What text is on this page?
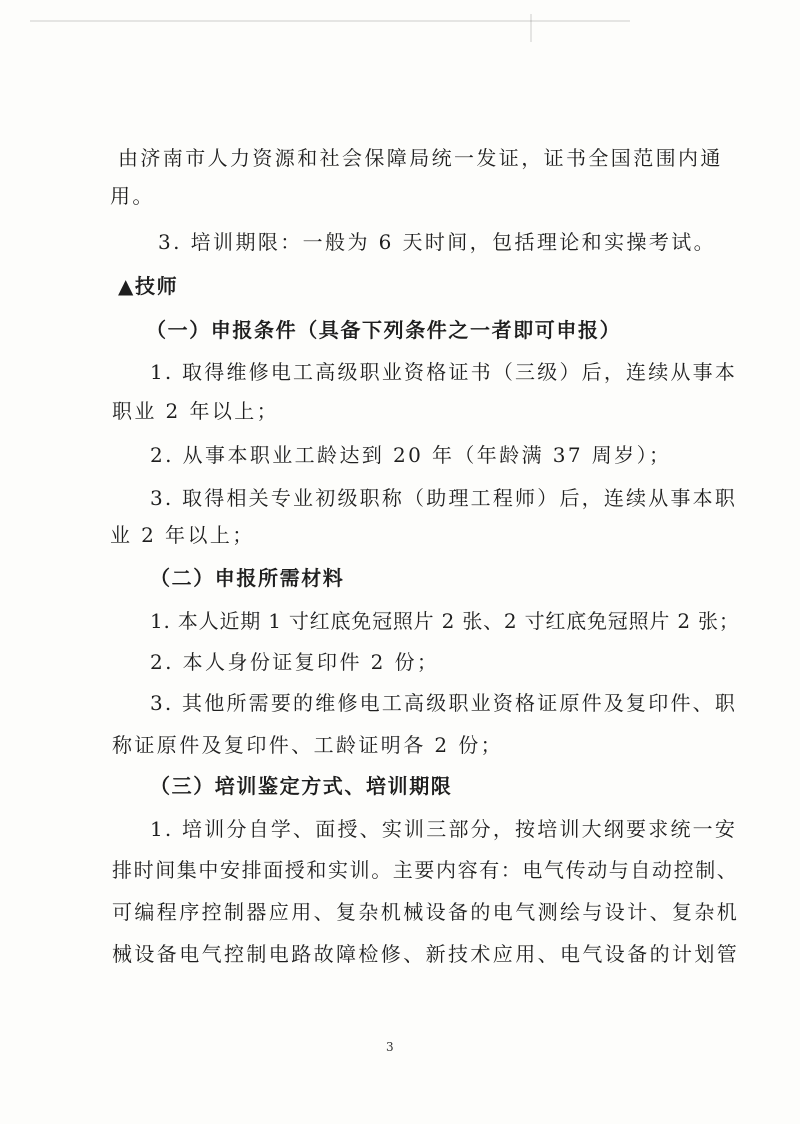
由济南市人力资源和社会保障局统一发证，证书全国范围内通
用。
3. 培训期限：一般为 6 天时间，包括理论和实操考试。
▲技师
（一）申报条件（具备下列条件之一者即可申报）
1. 取得维修电工高级职业资格证书（三级）后，连续从事本
职业 2 年以上；
2. 从事本职业工龄达到 20 年（年龄满 37 周岁）；
3. 取得相关专业初级职称（助理工程师）后，连续从事本职
业 2 年以上；
（二）申报所需材料
1. 本人近期 1 寸红底免冠照片 2 张、2 寸红底免冠照片 2 张；
2. 本人身份证复印件 2 份；
3. 其他所需要的维修电工高级职业资格证原件及复印件、职
称证原件及复印件、工龄证明各 2 份；
（三）培训鉴定方式、培训期限
1. 培训分自学、面授、实训三部分，按培训大纲要求统一安
排时间集中安排面授和实训。主要内容有：电气传动与自动控制、
可编程序控制器应用、复杂机械设备的电气测绘与设计、复杂机
械设备电气控制电路故障检修、新技术应用、电气设备的计划管
3
